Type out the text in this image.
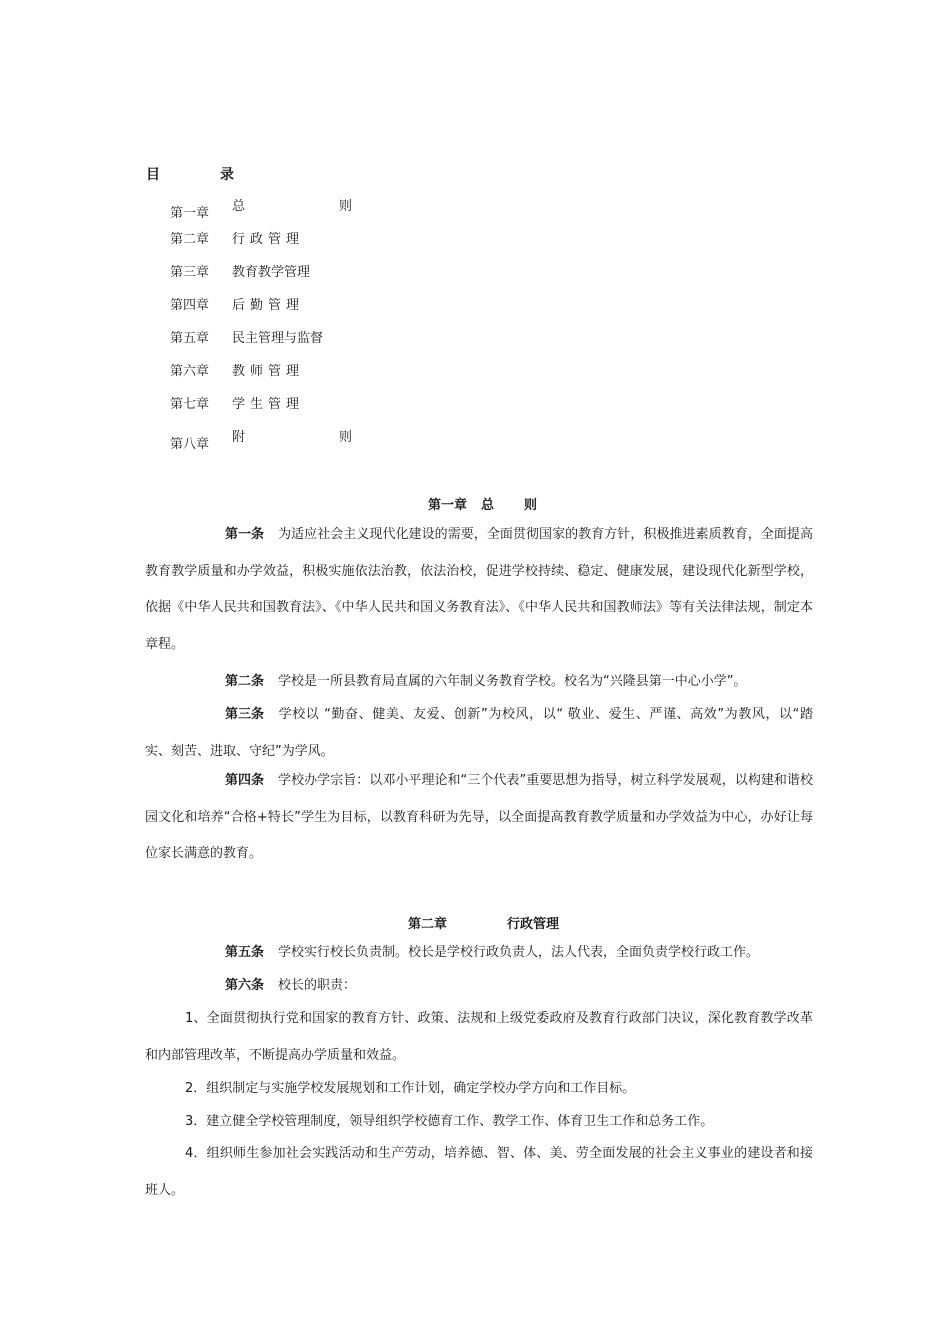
目	录
第一章 总	则
第二章 行政管理
第三章 教育教学管理
第四章 后勤管理
第五章 民主管理与监督
第六章 教师管理
第七章 学生管理
第八章 附	则
第一章 总 则
第一条 为适应社会主义现代化建设的需要，全面贯彻国家的教育方针，积极推进素质教育，全面提高教育教学质量和办学效益，积极实施依法治教，依法治校，促进学校持续、稳定、健康发展，建设现代化新型学校，依据《中华人民共和国教育法》、《中华人民共和国义务教育法》、《中华人民共和国教师法》等有关法律法规，制定本章程。
第二条 学校是一所县教育局直属的六年制义务教育学校。校名为“兴隆县第一中心小学”。
第三条 学校以 “勤奋、健美、友爱、创新”为校风，以“ 敬业、爱生、严谨、高效”为教风，以“踏实、刻苦、进取、守纪”为学风。
第四条 学校办学宗旨：以邓小平理论和“三个代表”重要思想为指导，树立科学发展观，以构建和谐校园文化和培养“合格+特长”学生为目标，以教育科研为先导，以全面提高教育教学质量和办学效益为中心，办好让每位家长满意的教育。
第二章	行政管理
第五条 学校实行校长负责制。校长是学校行政负责人，法人代表，全面负责学校行政工作。
第六条 校长的职责：
1、全面贯彻执行党和国家的教育方针、政策、法规和上级党委政府及教育行政部门决议，深化教育教学改革和内部管理改革，不断提高办学质量和效益。
2．组织制定与实施学校发展规划和工作计划，确定学校办学方向和工作目标。
3．建立健全学校管理制度，领导组织学校德育工作、教学工作、体育卫生工作和总务工作。
4．组织师生参加社会实践活动和生产劳动，培养德、智、体、美、劳全面发展的社会主义事业的建设者和接班人。
